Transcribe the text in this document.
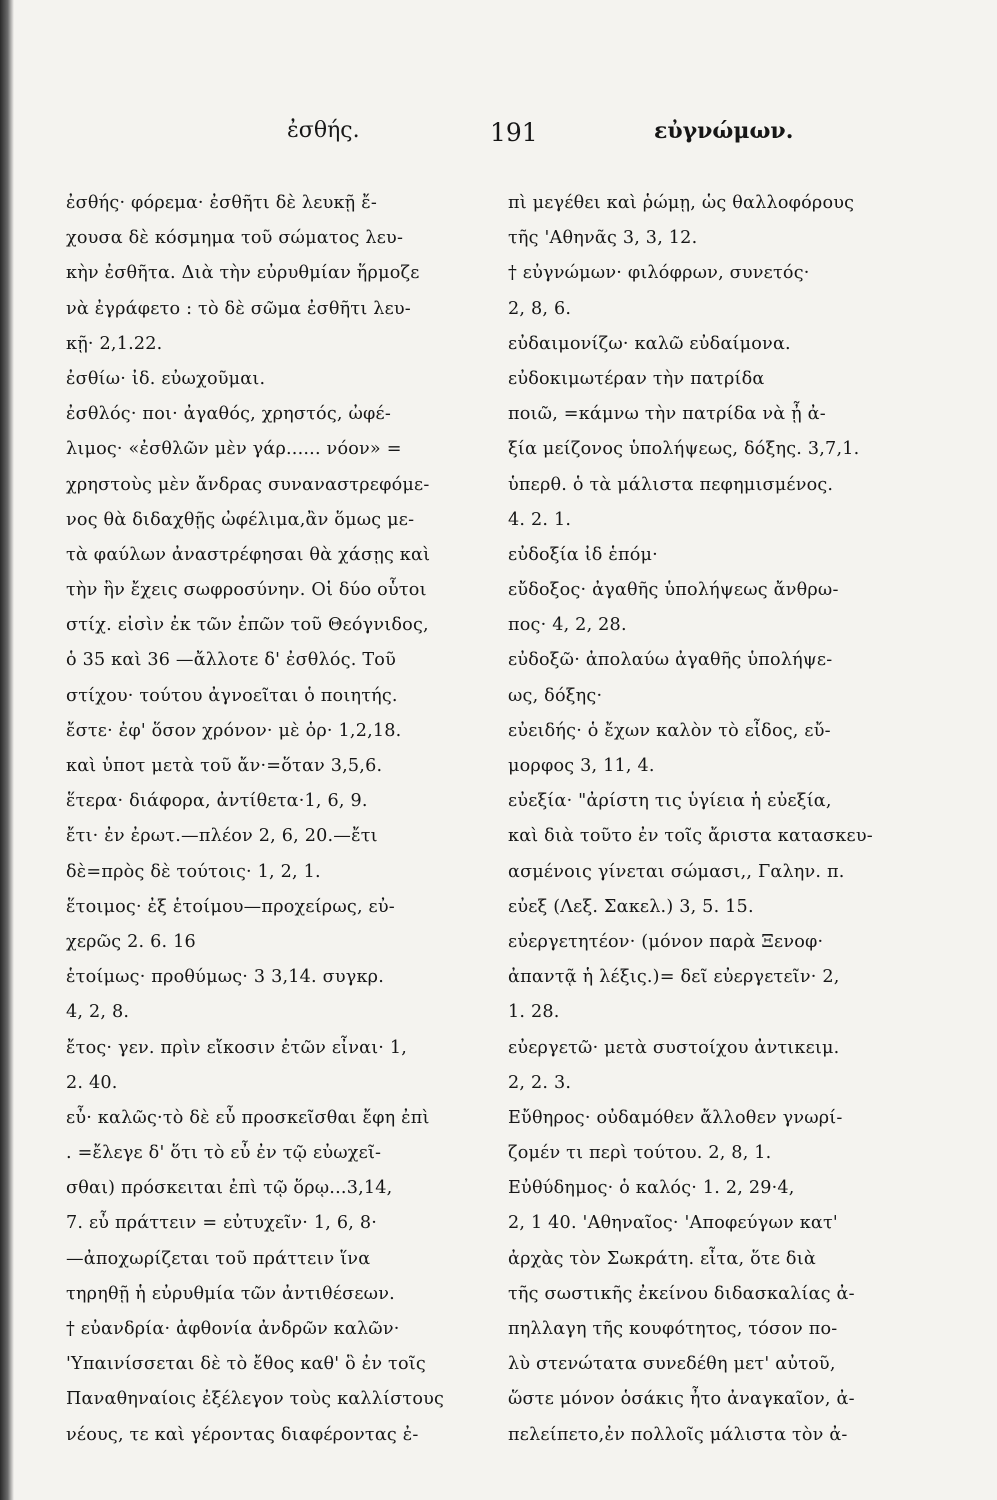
ἐσθής.	191	εὐγνώμων.
ἐσθής· φόρεμα· ἐσθῆτι δὲ λευκῇ ἔ-
χουσα δὲ κόσμημα τοῦ σώματος λευ-
κὴν ἐσθῆτα. Διὰ τὴν εὐρυθμίαν ἥρμοζε
νὰ ἐγράφετο : τὸ δὲ σῶμα ἐσθῆτι λευ-
κῇ· 2,1.22.
ἐσθίω· ἰδ. εὐωχοῦμαι.
ἐσθλός· ποι· ἀγαθός, χρηστός, ὠφέ-
λιμος· «ἐσθλῶν μὲν γάρ...... νόον» =
χρηστοὺς μὲν ἄνδρας συναναστρεφόμε-
νος θὰ διδαχθῇς ὠφέλιμα,ἂν ὅμως με-
τὰ φαύλων ἀναστρέφησαι θὰ χάσῃς καὶ
τὴν ἣν ἔχεις σωφροσύνην. Οἱ δύο οὗτοι
στίχ. εἰσὶν ἐκ τῶν ἐπῶν τοῦ Θεόγνιδος,
ὁ 35 καὶ 36 —ἄλλοτε δ' ἐσθλός. Τοῦ
στίχου· τούτου ἀγνοεῖται ὁ ποιητής.
ἔστε· ἐφ' ὅσον χρόνον· μὲ ὁρ· 1,2,18.
καὶ ὑποτ μετὰ τοῦ ἄν·=ὅταν 3,5,6.
ἕτερα· διάφορα, ἀντίθετα·1, 6, 9.
ἔτι· ἐν ἐρωτ.—πλέον 2, 6, 20.—ἔτι
δὲ=πρὸς δὲ τούτοις· 1, 2, 1.
ἕτοιμος· ἐξ ἑτοίμου—προχείρως, εὐ-
χερῶς 2. 6. 16
ἑτοίμως· προθύμως· 3 3,14. συγκρ.
4, 2, 8.
ἔτος· γεν. πρὶν εἴκοσιν ἐτῶν εἶναι· 1,
2. 40.
εὖ· καλῶς·τὸ δὲ εὖ προσκεῖσθαι ἔφη ἐπὶ
. =ἔλεγε δ' ὅτι τὸ εὖ ἐν τῷ εὐωχεῖ-
σθαι) πρόσκειται ἐπὶ τῷ ὅρῳ...3,14,
7. εὖ πράττειν = εὐτυχεῖν· 1, 6, 8·
—ἀποχωρίζεται τοῦ πράττειν ἵνα
τηρηθῇ ἡ εὐρυθμία τῶν ἀντιθέσεων.
† εὐανδρία· ἀφθονία ἀνδρῶν καλῶν·
'Υπαινίσσεται δὲ τὸ ἔθος καθ' ὃ ἐν τοῖς
Παναθηναίοις ἐξέλεγον τοὺς καλλίστους
νέους, τε καὶ γέροντας διαφέροντας ἐ-
πὶ μεγέθει καὶ ῥώμῃ, ὡς θαλλοφόρους
τῆς 'Αθηνᾶς 3, 3, 12.
† εὐγνώμων· φιλόφρων, συνετός·
2, 8, 6.
εὐδαιμονίζω· καλῶ εὐδαίμονα.
εὐδοκιμωτέραν τὴν πατρίδα
ποιῶ, =κάμνω τὴν πατρίδα νὰ ᾖ ἀ-
ξία μείζονος ὑπολήψεως, δόξης. 3,7,1.
ὑπερθ. ὁ τὰ μάλιστα πεφημισμένος.
4. 2. 1.
εὐδοξία ἰδ ἑπόμ·
εὔδοξος· ἀγαθῆς ὑπολήψεως ἄνθρω-
πος· 4, 2, 28.
εὐδοξῶ· ἀπολαύω ἀγαθῆς ὑπολήψε-
ως, δόξης·
εὐειδής· ὁ ἔχων καλὸν τὸ εἶδος, εὔ-
μορφος 3, 11, 4.
εὐεξία· "ἀρίστη τις ὑγίεια ἡ εὐεξία,
καὶ διὰ τοῦτο ἐν τοῖς ἄριστα κατασκευ-
ασμένοις γίνεται σώμασι,, Γαλην. π.
εὐεξ (Λεξ. Σακελ.) 3, 5. 15.
εὐεργετητέον· (μόνον παρὰ Ξενοφ·
ἀπαντᾷ ἡ λέξις.)= δεῖ εὐεργετεῖν· 2,
1. 28.
εὐεργετῶ· μετὰ συστοίχου ἀντικειμ.
2, 2. 3.
Εὔθηρος· οὐδαμόθεν ἄλλοθεν γνωρί-
ζομέν τι περὶ τούτου. 2, 8, 1.
Εὐθύδημος· ὁ καλός· 1. 2, 29·4,
2, 1 40. 'Αθηναῖος· 'Αποφεύγων κατ'
ἀρχὰς τὸν Σωκράτη. εἶτα, ὅτε διὰ
τῆς σωστικῆς ἐκείνου διδασκαλίας ἀ-
πηλλαγη τῆς κουφότητος, τόσον πο-
λὺ στενώτατα συνεδέθη μετ' αὐτοῦ,
ὥστε μόνον ὁσάκις ἦτο ἀναγκαῖον, ἀ-
πελείπετο,ἐν πολλοῖς μάλιστα τὸν ἀ-
